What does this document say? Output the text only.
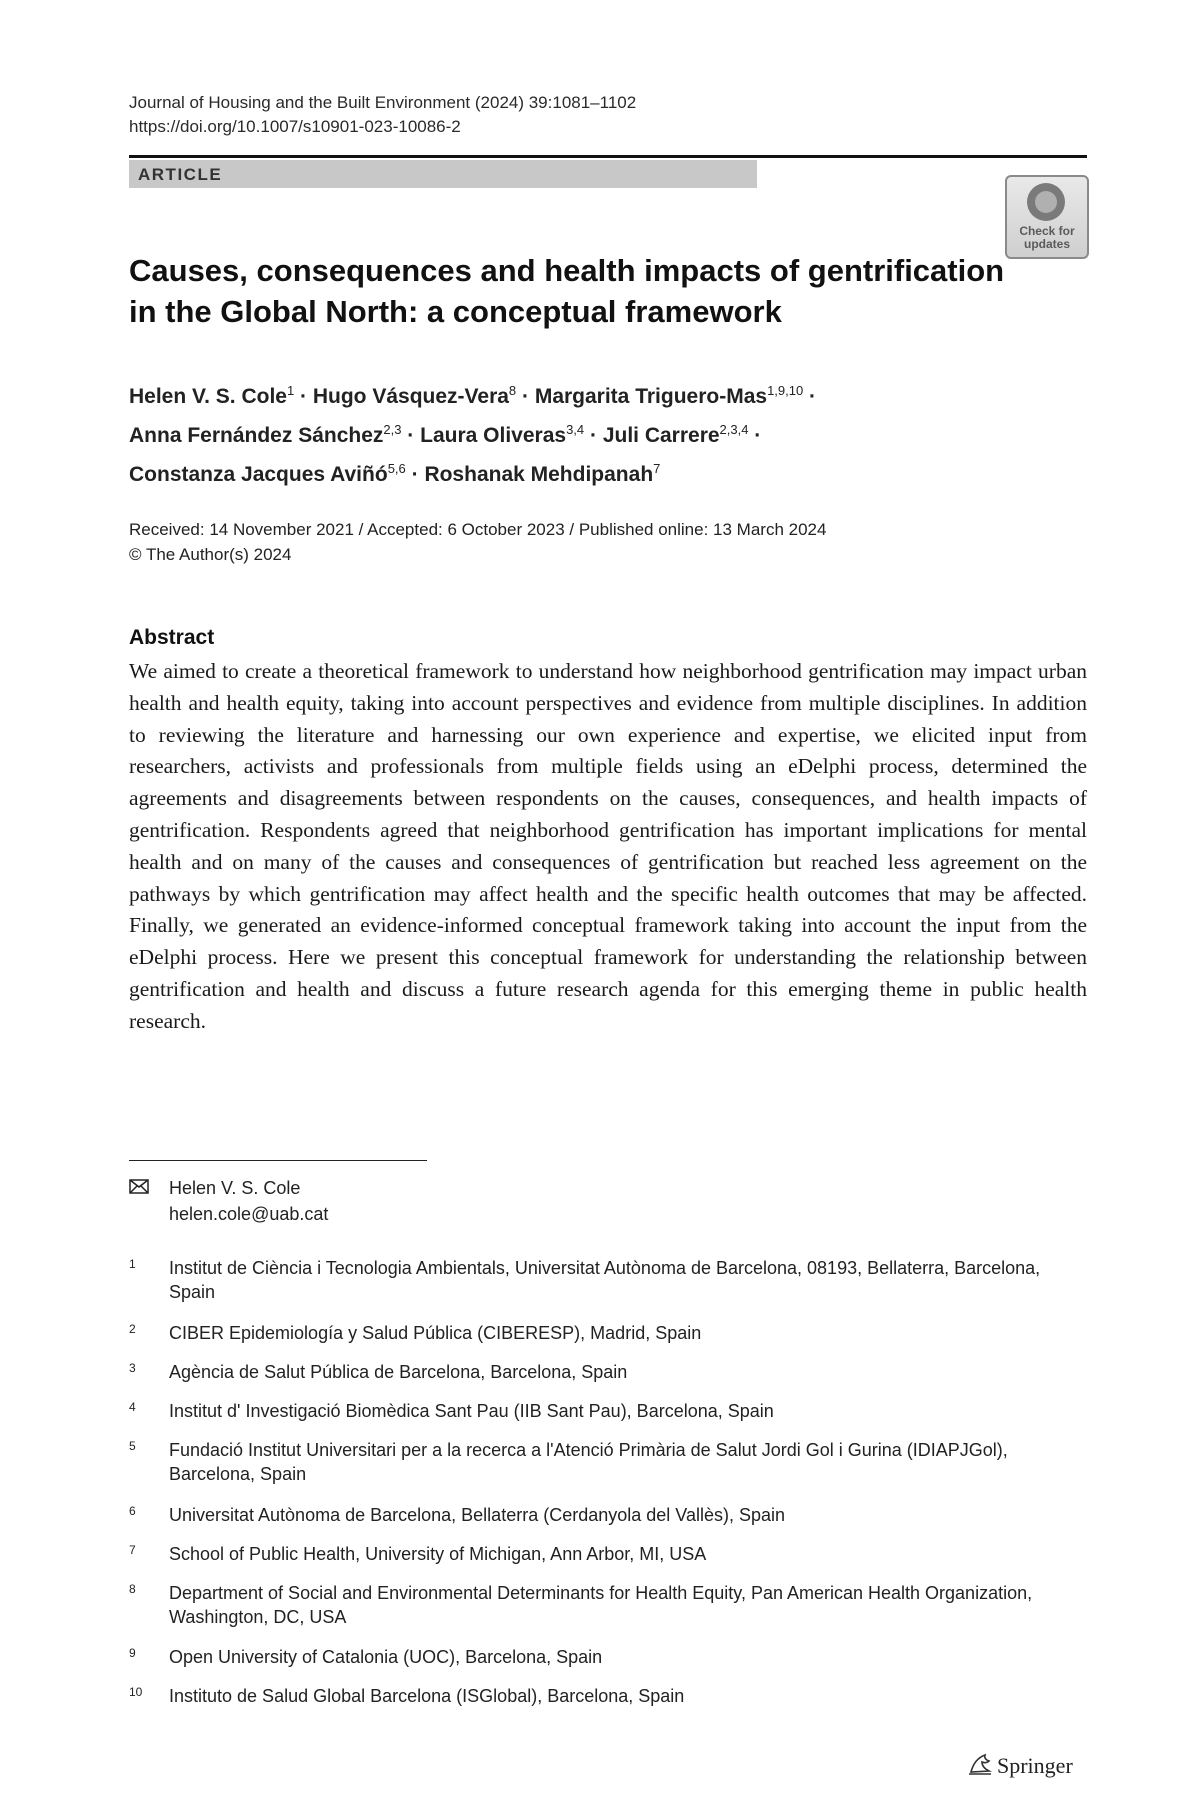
Journal of Housing and the Built Environment (2024) 39:1081–1102
https://doi.org/10.1007/s10901-023-10086-2
ARTICLE
Check for updates
Causes, consequences and health impacts of gentrification
in the Global North: a conceptual framework
Helen V. S. Cole$^1$ · Hugo Vásquez-Vera$^8$ · Margarita Triguero-Mas$^{1,9,10}$ ·
Anna Fernández Sánchez$^{2,3}$ · Laura Oliveras$^{3,4}$ · Juli Carrere$^{2,3,4}$ ·
Constanza Jacques Aviñó$^{5,6}$ · Roshanak Mehdipanah$^7$
Received: 14 November 2021 / Accepted: 6 October 2023 / Published online: 13 March 2024
© The Author(s) 2024
Abstract
We aimed to create a theoretical framework to understand how neighborhood gentrification may impact urban health and health equity, taking into account perspectives and evidence from multiple disciplines. In addition to reviewing the literature and harnessing our own experience and expertise, we elicited input from researchers, activists and professionals from multiple fields using an eDelphi process, determined the agreements and disagreements between respondents on the causes, consequences, and health impacts of gentrification. Respondents agreed that neighborhood gentrification has important implications for mental health and on many of the causes and consequences of gentrification but reached less agreement on the pathways by which gentrification may affect health and the specific health outcomes that may be affected. Finally, we generated an evidence-informed conceptual framework taking into account the input from the eDelphi process. Here we present this conceptual framework for understanding the relationship between gentrification and health and discuss a future research agenda for this emerging theme in public health research.
Helen V. S. Cole
helen.cole@uab.cat
1 Institut de Ciència i Tecnologia Ambientals, Universitat Autònoma de Barcelona, 08193, Bellaterra, Barcelona, Spain
2 CIBER Epidemiología y Salud Pública (CIBERESP), Madrid, Spain
3 Agència de Salut Pública de Barcelona, Barcelona, Spain
4 Institut d' Investigació Biomèdica Sant Pau (IIB Sant Pau), Barcelona, Spain
5 Fundació Institut Universitari per a la recerca a l'Atenció Primària de Salut Jordi Gol i Gurina (IDIAPJGol), Barcelona, Spain
6 Universitat Autònoma de Barcelona, Bellaterra (Cerdanyola del Vallès), Spain
7 School of Public Health, University of Michigan, Ann Arbor, MI, USA
8 Department of Social and Environmental Determinants for Health Equity, Pan American Health Organization, Washington, DC, USA
9 Open University of Catalonia (UOC), Barcelona, Spain
10 Instituto de Salud Global Barcelona (ISGlobal), Barcelona, Spain
Springer
